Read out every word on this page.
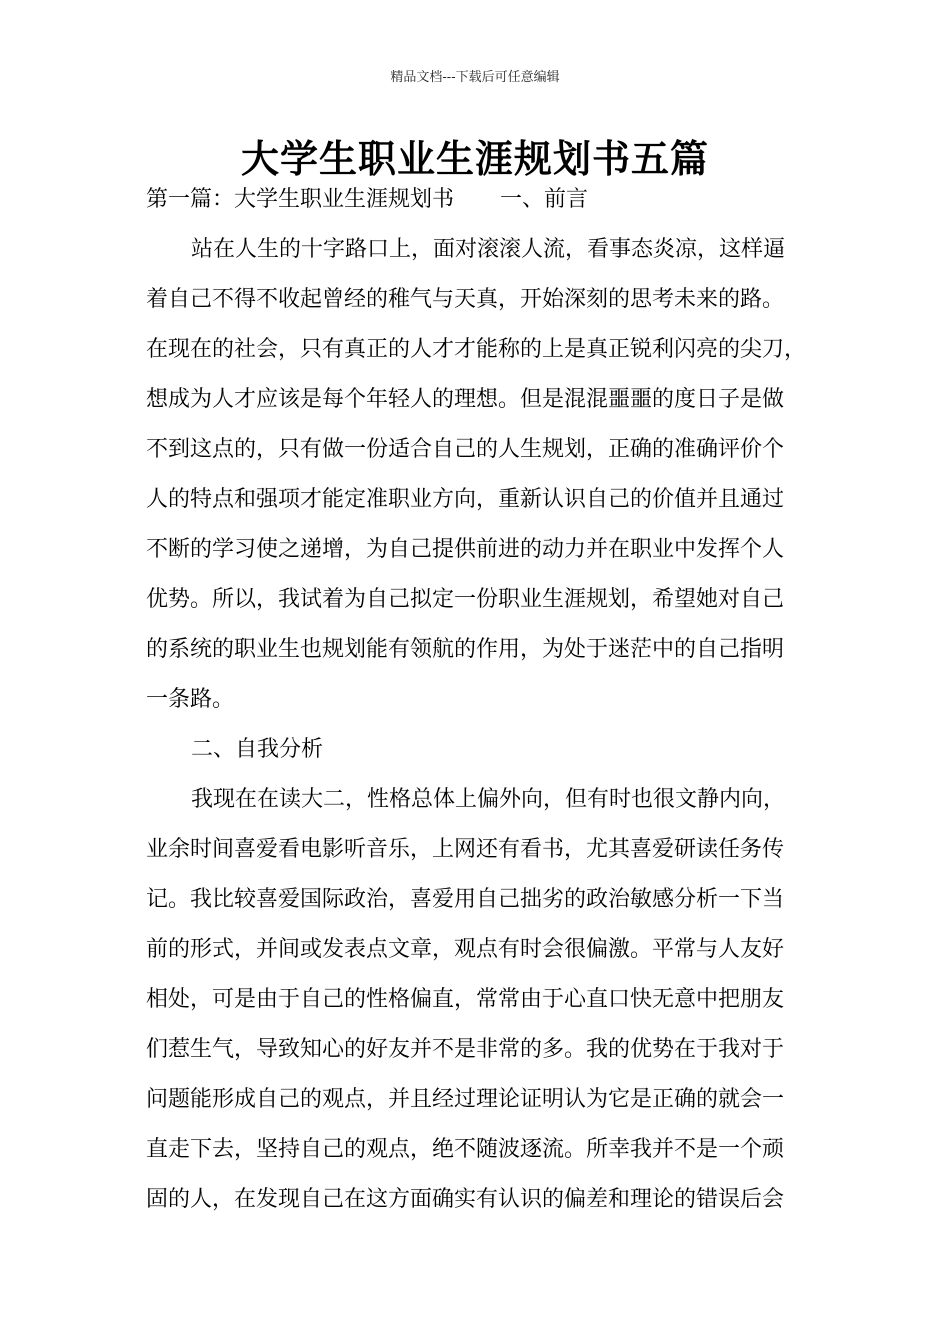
精品文档---下载后可任意编辑
大学生职业生涯规划书五篇
第一篇：大学生职业生涯规划书 一、前言
站在人生的十字路口上，面对滚滚人流，看事态炎凉，这样逼
着自己不得不收起曾经的稚气与天真，开始深刻的思考未来的路。
在现在的社会，只有真正的人才才能称的上是真正锐利闪亮的尖刀，
想成为人才应该是每个年轻人的理想。但是混混噩噩的度日子是做
不到这点的，只有做一份适合自己的人生规划，正确的准确评价个
人的特点和强项才能定准职业方向，重新认识自己的价值并且通过
不断的学习使之递增，为自己提供前进的动力并在职业中发挥个人
优势。所以，我试着为自己拟定一份职业生涯规划，希望她对自己
的系统的职业生也规划能有领航的作用，为处于迷茫中的自己指明
一条路。
二、自我分析
我现在在读大二，性格总体上偏外向，但有时也很文静内向，
业余时间喜爱看电影听音乐，上网还有看书，尤其喜爱研读任务传
记。我比较喜爱国际政治，喜爱用自己拙劣的政治敏感分析一下当
前的形式，并间或发表点文章，观点有时会很偏激。平常与人友好
相处，可是由于自己的性格偏直，常常由于心直口快无意中把朋友
们惹生气，导致知心的好友并不是非常的多。我的优势在于我对于
问题能形成自己的观点，并且经过理论证明认为它是正确的就会一
直走下去，坚持自己的观点，绝不随波逐流。所幸我并不是一个顽
固的人，在发现自己在这方面确实有认识的偏差和理论的错误后会
